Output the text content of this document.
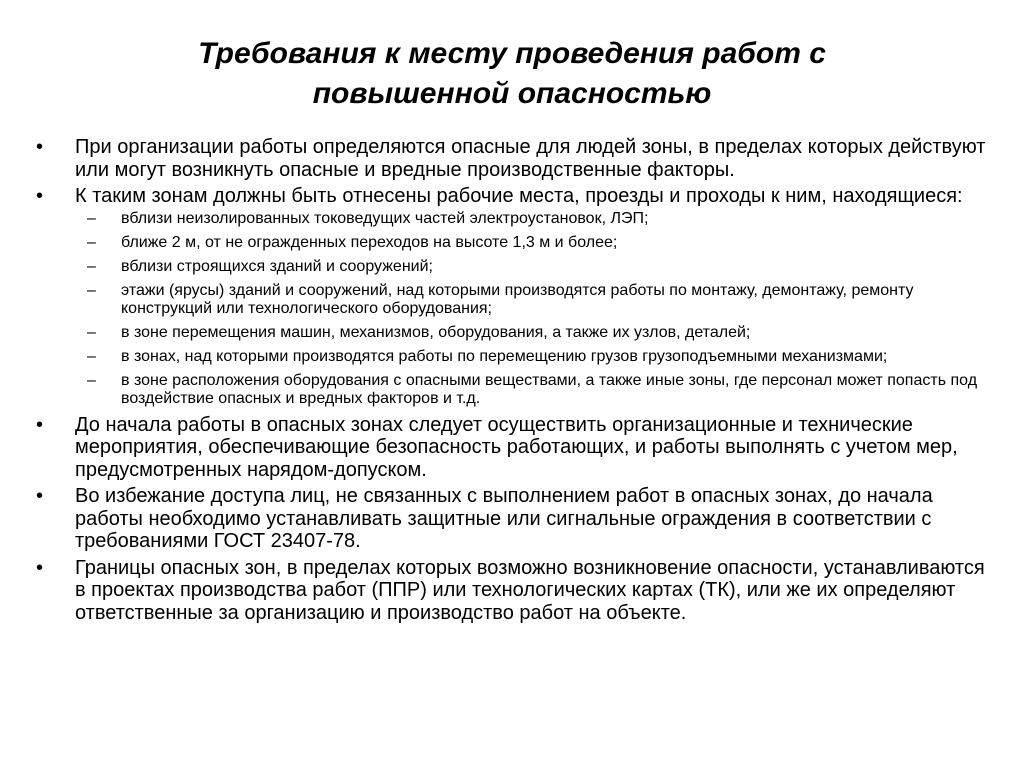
Требования к месту проведения работ с
повышенной опасностью
• При организации работы определяются опасные для людей зоны, в пределах которых действуют или могут возникнуть опасные и вредные производственные факторы.
• К таким зонам должны быть отнесены рабочие места, проезды и проходы к ним, находящиеся:
– вблизи неизолированных токоведущих частей электроустановок, ЛЭП;
– ближе 2 м, от не огражденных переходов на высоте 1,3 м и более;
– вблизи строящихся зданий и сооружений;
– этажи (ярусы) зданий и сооружений, над которыми производятся работы по монтажу, демонтажу, ремонту конструкций или технологического оборудования;
– в зоне перемещения машин, механизмов, оборудования, а также их узлов, деталей;
– в зонах, над которыми производятся работы по перемещению грузов грузоподъемными механизмами;
– в зоне расположения оборудования с опасными веществами, а также иные зоны, где персонал может попасть под воздействие опасных и вредных факторов и т.д.
• До начала работы в опасных зонах следует осуществить организационные и технические мероприятия, обеспечивающие безопасность работающих, и работы выполнять с учетом мер, предусмотренных нарядом-допуском.
• Во избежание доступа лиц, не связанных с выполнением работ в опасных зонах, до начала работы необходимо устанавливать защитные или сигнальные ограждения в соответствии с требованиями ГОСТ 23407-78.
• Границы опасных зон, в пределах которых возможно возникновение опасности, устанавливаются в проектах производства работ (ППР) или технологических картах (ТК), или же их определяют ответственные за организацию и производство работ на объекте.
